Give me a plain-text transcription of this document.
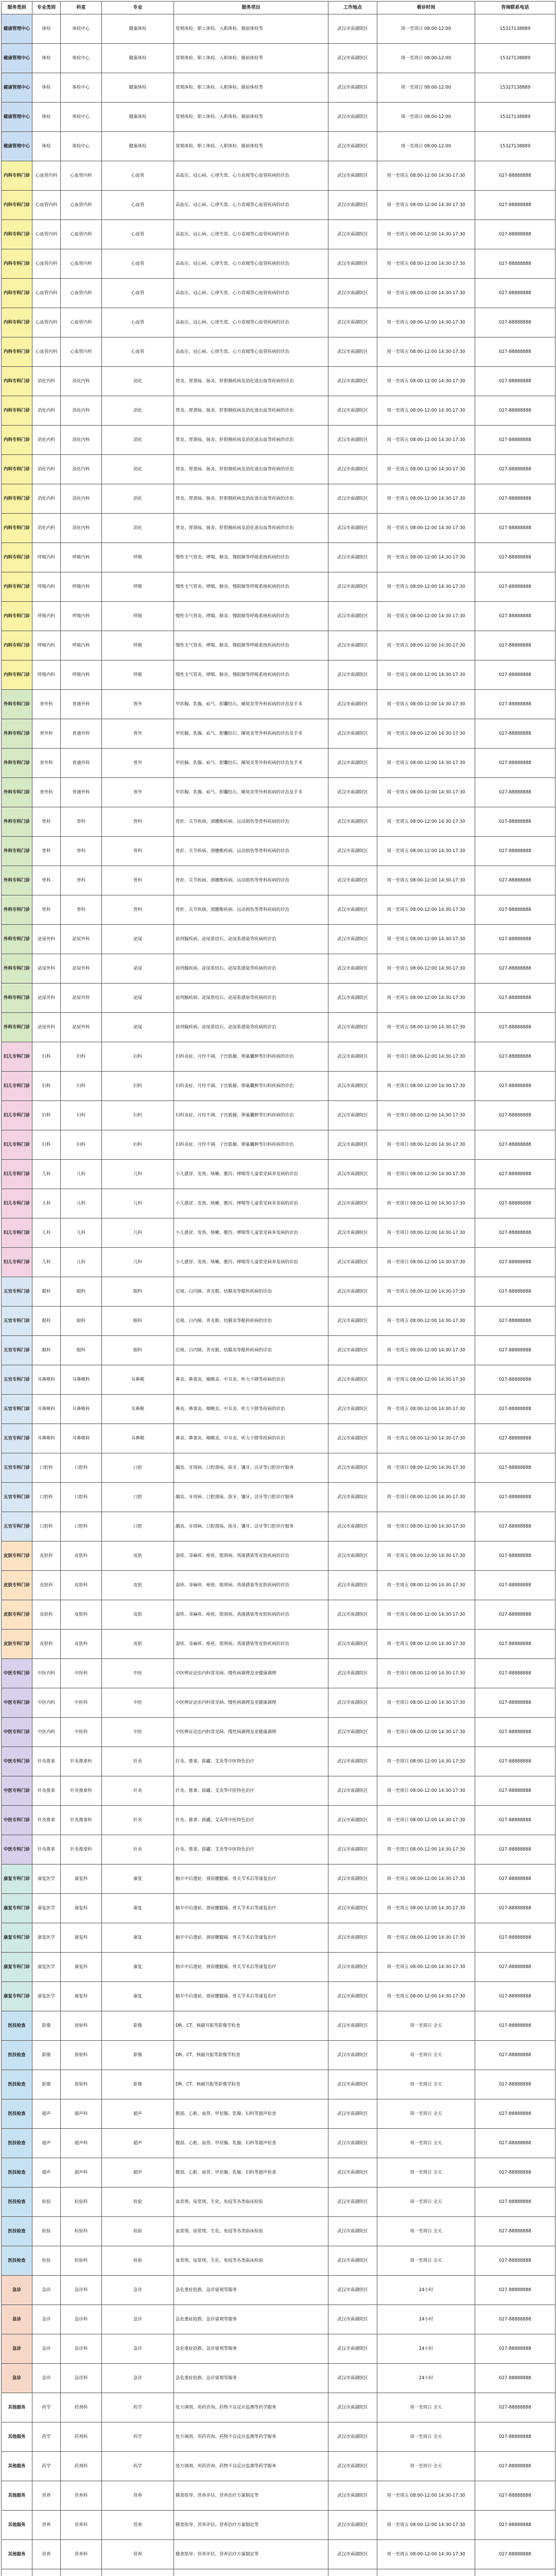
服务类别	专业类别	科室	专业	服务项目	工作地点	看诊时间	咨询联系电话
健康管理中心	体检	体检中心	健康体检	常规体检、职工体检、入职体检、婚前体检等	武汉市南湖院区	周一至周日 08:00-12:00	15327138889
健康管理中心	体检	体检中心	健康体检	常规体检、职工体检、入职体检、婚前体检等	武汉市南湖院区	周一至周日 08:00-12:00	15327138889
健康管理中心	体检	体检中心	健康体检	常规体检、职工体检、入职体检、婚前体检等	武汉市南湖院区	周一至周日 08:00-12:00	15327138889
健康管理中心	体检	体检中心	健康体检	常规体检、职工体检、入职体检、婚前体检等	武汉市南湖院区	周一至周日 08:00-12:00	15327138889
健康管理中心	体检	体检中心	健康体检	常规体检、职工体检、入职体检、婚前体检等	武汉市南湖院区	周一至周日 08:00-12:00	15327138889
内科专科门诊	心血管内科	心血管内科	心血管	高血压、冠心病、心律失常、心力衰竭等心血管疾病的诊治	武汉市南湖院区	周一至周五 08:00-12:00 14:30-17:30	027-88888888
内科专科门诊	心血管内科	心血管内科	心血管	高血压、冠心病、心律失常、心力衰竭等心血管疾病的诊治	武汉市南湖院区	周一至周五 08:00-12:00 14:30-17:30	027-88888888
内科专科门诊	心血管内科	心血管内科	心血管	高血压、冠心病、心律失常、心力衰竭等心血管疾病的诊治	武汉市南湖院区	周一至周五 08:00-12:00 14:30-17:30	027-88888888
内科专科门诊	心血管内科	心血管内科	心血管	高血压、冠心病、心律失常、心力衰竭等心血管疾病的诊治	武汉市南湖院区	周一至周五 08:00-12:00 14:30-17:30	027-88888888
内科专科门诊	心血管内科	心血管内科	心血管	高血压、冠心病、心律失常、心力衰竭等心血管疾病的诊治	武汉市南湖院区	周一至周五 08:00-12:00 14:30-17:30	027-88888888
内科专科门诊	心血管内科	心血管内科	心血管	高血压、冠心病、心律失常、心力衰竭等心血管疾病的诊治	武汉市南湖院区	周一至周五 08:00-12:00 14:30-17:30	027-88888888
内科专科门诊	心血管内科	心血管内科	心血管	高血压、冠心病、心律失常、心力衰竭等心血管疾病的诊治	武汉市南湖院区	周一至周五 08:00-12:00 14:30-17:30	027-88888888
内科专科门诊	消化内科	消化内科	消化	胃炎、胃溃疡、肠炎、肝胆胰疾病及消化道出血等疾病的诊治	武汉市南湖院区	周一至周五 08:00-12:00 14:30-17:30	027-88888888
内科专科门诊	消化内科	消化内科	消化	胃炎、胃溃疡、肠炎、肝胆胰疾病及消化道出血等疾病的诊治	武汉市南湖院区	周一至周五 08:00-12:00 14:30-17:30	027-88888888
内科专科门诊	消化内科	消化内科	消化	胃炎、胃溃疡、肠炎、肝胆胰疾病及消化道出血等疾病的诊治	武汉市南湖院区	周一至周五 08:00-12:00 14:30-17:30	027-88888888
内科专科门诊	消化内科	消化内科	消化	胃炎、胃溃疡、肠炎、肝胆胰疾病及消化道出血等疾病的诊治	武汉市南湖院区	周一至周五 08:00-12:00 14:30-17:30	027-88888888
内科专科门诊	消化内科	消化内科	消化	胃炎、胃溃疡、肠炎、肝胆胰疾病及消化道出血等疾病的诊治	武汉市南湖院区	周一至周五 08:00-12:00 14:30-17:30	027-88888888
内科专科门诊	消化内科	消化内科	消化	胃炎、胃溃疡、肠炎、肝胆胰疾病及消化道出血等疾病的诊治	武汉市南湖院区	周一至周五 08:00-12:00 14:30-17:30	027-88888888
内科专科门诊	呼吸内科	呼吸内科	呼吸	慢性支气管炎、哮喘、肺炎、慢阻肺等呼吸系统疾病的诊治	武汉市南湖院区	周一至周五 08:00-12:00 14:30-17:30	027-88888888
内科专科门诊	呼吸内科	呼吸内科	呼吸	慢性支气管炎、哮喘、肺炎、慢阻肺等呼吸系统疾病的诊治	武汉市南湖院区	周一至周五 08:00-12:00 14:30-17:30	027-88888888
内科专科门诊	呼吸内科	呼吸内科	呼吸	慢性支气管炎、哮喘、肺炎、慢阻肺等呼吸系统疾病的诊治	武汉市南湖院区	周一至周五 08:00-12:00 14:30-17:30	027-88888888
内科专科门诊	呼吸内科	呼吸内科	呼吸	慢性支气管炎、哮喘、肺炎、慢阻肺等呼吸系统疾病的诊治	武汉市南湖院区	周一至周五 08:00-12:00 14:30-17:30	027-88888888
内科专科门诊	呼吸内科	呼吸内科	呼吸	慢性支气管炎、哮喘、肺炎、慢阻肺等呼吸系统疾病的诊治	武汉市南湖院区	周一至周五 08:00-12:00 14:30-17:30	027-88888888
外科专科门诊	普外科	普通外科	普外	甲状腺、乳腺、疝气、胆囊结石、阑尾炎等外科疾病的诊治及手术	武汉市南湖院区	周一至周五 08:00-12:00 14:30-17:30	027-88888888
外科专科门诊	普外科	普通外科	普外	甲状腺、乳腺、疝气、胆囊结石、阑尾炎等外科疾病的诊治及手术	武汉市南湖院区	周一至周五 08:00-12:00 14:30-17:30	027-88888888
外科专科门诊	普外科	普通外科	普外	甲状腺、乳腺、疝气、胆囊结石、阑尾炎等外科疾病的诊治及手术	武汉市南湖院区	周一至周五 08:00-12:00 14:30-17:30	027-88888888
外科专科门诊	普外科	普通外科	普外	甲状腺、乳腺、疝气、胆囊结石、阑尾炎等外科疾病的诊治及手术	武汉市南湖院区	周一至周五 08:00-12:00 14:30-17:30	027-88888888
外科专科门诊	骨科	骨科	骨科	骨折、关节疾病、颈腰椎疾病、运动损伤等骨科疾病的诊治	武汉市南湖院区	周一至周五 08:00-12:00 14:30-17:30	027-88888888
外科专科门诊	骨科	骨科	骨科	骨折、关节疾病、颈腰椎疾病、运动损伤等骨科疾病的诊治	武汉市南湖院区	周一至周五 08:00-12:00 14:30-17:30	027-88888888
外科专科门诊	骨科	骨科	骨科	骨折、关节疾病、颈腰椎疾病、运动损伤等骨科疾病的诊治	武汉市南湖院区	周一至周五 08:00-12:00 14:30-17:30	027-88888888
外科专科门诊	骨科	骨科	骨科	骨折、关节疾病、颈腰椎疾病、运动损伤等骨科疾病的诊治	武汉市南湖院区	周一至周五 08:00-12:00 14:30-17:30	027-88888888
外科专科门诊	泌尿外科	泌尿外科	泌尿	前列腺疾病、泌尿系结石、泌尿系感染等疾病的诊治	武汉市南湖院区	周一至周五 08:00-12:00 14:30-17:30	027-88888888
外科专科门诊	泌尿外科	泌尿外科	泌尿	前列腺疾病、泌尿系结石、泌尿系感染等疾病的诊治	武汉市南湖院区	周一至周五 08:00-12:00 14:30-17:30	027-88888888
外科专科门诊	泌尿外科	泌尿外科	泌尿	前列腺疾病、泌尿系结石、泌尿系感染等疾病的诊治	武汉市南湖院区	周一至周五 08:00-12:00 14:30-17:30	027-88888888
外科专科门诊	泌尿外科	泌尿外科	泌尿	前列腺疾病、泌尿系结石、泌尿系感染等疾病的诊治	武汉市南湖院区	周一至周五 08:00-12:00 14:30-17:30	027-88888888
妇儿专科门诊	妇科	妇科	妇科	妇科炎症、月经不调、子宫肌瘤、卵巢囊肿等妇科疾病的诊治	武汉市南湖院区	周一至周日 08:00-12:00 14:30-17:30	027-88888888
妇儿专科门诊	妇科	妇科	妇科	妇科炎症、月经不调、子宫肌瘤、卵巢囊肿等妇科疾病的诊治	武汉市南湖院区	周一至周日 08:00-12:00 14:30-17:30	027-88888888
妇儿专科门诊	妇科	妇科	妇科	妇科炎症、月经不调、子宫肌瘤、卵巢囊肿等妇科疾病的诊治	武汉市南湖院区	周一至周日 08:00-12:00 14:30-17:30	027-88888888
妇儿专科门诊	妇科	妇科	妇科	妇科炎症、月经不调、子宫肌瘤、卵巢囊肿等妇科疾病的诊治	武汉市南湖院区	周一至周日 08:00-12:00 14:30-17:30	027-88888888
妇儿专科门诊	儿科	儿科	儿科	小儿感冒、发热、咳嗽、腹泻、哮喘等儿童常见病多发病的诊治	武汉市南湖院区	周一至周日 08:00-12:00 14:30-17:30	027-88888888
妇儿专科门诊	儿科	儿科	儿科	小儿感冒、发热、咳嗽、腹泻、哮喘等儿童常见病多发病的诊治	武汉市南湖院区	周一至周日 08:00-12:00 14:30-17:30	027-88888888
妇儿专科门诊	儿科	儿科	儿科	小儿感冒、发热、咳嗽、腹泻、哮喘等儿童常见病多发病的诊治	武汉市南湖院区	周一至周日 08:00-12:00 14:30-17:30	027-88888888
妇儿专科门诊	儿科	儿科	儿科	小儿感冒、发热、咳嗽、腹泻、哮喘等儿童常见病多发病的诊治	武汉市南湖院区	周一至周日 08:00-12:00 14:30-17:30	027-88888888
五官专科门诊	眼科	眼科	眼科	近视、白内障、青光眼、结膜炎等眼科疾病的诊治	武汉市南湖院区	周一至周五 08:00-12:00 14:30-17:30	027-88888888
五官专科门诊	眼科	眼科	眼科	近视、白内障、青光眼、结膜炎等眼科疾病的诊治	武汉市南湖院区	周一至周五 08:00-12:00 14:30-17:30	027-88888888
五官专科门诊	眼科	眼科	眼科	近视、白内障、青光眼、结膜炎等眼科疾病的诊治	武汉市南湖院区	周一至周五 08:00-12:00 14:30-17:30	027-88888888
五官专科门诊	耳鼻喉科	耳鼻喉科	耳鼻喉	鼻炎、鼻窦炎、咽喉炎、中耳炎、听力下降等疾病的诊治	武汉市南湖院区	周一至周五 08:00-12:00 14:30-17:30	027-88888888
五官专科门诊	耳鼻喉科	耳鼻喉科	耳鼻喉	鼻炎、鼻窦炎、咽喉炎、中耳炎、听力下降等疾病的诊治	武汉市南湖院区	周一至周五 08:00-12:00 14:30-17:30	027-88888888
五官专科门诊	耳鼻喉科	耳鼻喉科	耳鼻喉	鼻炎、鼻窦炎、咽喉炎、中耳炎、听力下降等疾病的诊治	武汉市南湖院区	周一至周五 08:00-12:00 14:30-17:30	027-88888888
五官专科门诊	口腔科	口腔科	口腔	龋齿、牙周病、口腔溃疡、拔牙、镶牙、洁牙等口腔诊疗服务	武汉市南湖院区	周一至周日 08:00-12:00 14:30-17:30	027-88888888
五官专科门诊	口腔科	口腔科	口腔	龋齿、牙周病、口腔溃疡、拔牙、镶牙、洁牙等口腔诊疗服务	武汉市南湖院区	周一至周日 08:00-12:00 14:30-17:30	027-88888888
五官专科门诊	口腔科	口腔科	口腔	龋齿、牙周病、口腔溃疡、拔牙、镶牙、洁牙等口腔诊疗服务	武汉市南湖院区	周一至周日 08:00-12:00 14:30-17:30	027-88888888
皮肤专科门诊	皮肤科	皮肤科	皮肤	湿疹、荨麻疹、痤疮、银屑病、真菌感染等皮肤疾病的诊治	武汉市南湖院区	周一至周五 08:00-12:00 14:30-17:30	027-88888888
皮肤专科门诊	皮肤科	皮肤科	皮肤	湿疹、荨麻疹、痤疮、银屑病、真菌感染等皮肤疾病的诊治	武汉市南湖院区	周一至周五 08:00-12:00 14:30-17:30	027-88888888
皮肤专科门诊	皮肤科	皮肤科	皮肤	湿疹、荨麻疹、痤疮、银屑病、真菌感染等皮肤疾病的诊治	武汉市南湖院区	周一至周五 08:00-12:00 14:30-17:30	027-88888888
皮肤专科门诊	皮肤科	皮肤科	皮肤	湿疹、荨麻疹、痤疮、银屑病、真菌感染等皮肤疾病的诊治	武汉市南湖院区	周一至周五 08:00-12:00 14:30-17:30	027-88888888
中医专科门诊	中医内科	中医科	中医	中医辨证论治内科常见病、慢性病调理及亚健康调理	武汉市南湖院区	周一至周日 08:00-12:00 14:30-17:30	027-88888888
中医专科门诊	中医内科	中医科	中医	中医辨证论治内科常见病、慢性病调理及亚健康调理	武汉市南湖院区	周一至周日 08:00-12:00 14:30-17:30	027-88888888
中医专科门诊	中医内科	中医科	中医	中医辨证论治内科常见病、慢性病调理及亚健康调理	武汉市南湖院区	周一至周日 08:00-12:00 14:30-17:30	027-88888888
中医专科门诊	针灸推拿	针灸推拿科	针灸	针灸、推拿、拔罐、艾灸等中医特色治疗	武汉市南湖院区	周一至周日 08:00-12:00 14:30-17:30	027-88888888
中医专科门诊	针灸推拿	针灸推拿科	针灸	针灸、推拿、拔罐、艾灸等中医特色治疗	武汉市南湖院区	周一至周日 08:00-12:00 14:30-17:30	027-88888888
中医专科门诊	针灸推拿	针灸推拿科	针灸	针灸、推拿、拔罐、艾灸等中医特色治疗	武汉市南湖院区	周一至周日 08:00-12:00 14:30-17:30	027-88888888
中医专科门诊	针灸推拿	针灸推拿科	针灸	针灸、推拿、拔罐、艾灸等中医特色治疗	武汉市南湖院区	周一至周日 08:00-12:00 14:30-17:30	027-88888888
康复专科门诊	康复医学	康复科	康复	脑卒中后遗症、颈肩腰腿痛、骨关节术后等康复治疗	武汉市南湖院区	周一至周五 08:00-12:00 14:30-17:30	027-88888888
康复专科门诊	康复医学	康复科	康复	脑卒中后遗症、颈肩腰腿痛、骨关节术后等康复治疗	武汉市南湖院区	周一至周五 08:00-12:00 14:30-17:30	027-88888888
康复专科门诊	康复医学	康复科	康复	脑卒中后遗症、颈肩腰腿痛、骨关节术后等康复治疗	武汉市南湖院区	周一至周五 08:00-12:00 14:30-17:30	027-88888888
康复专科门诊	康复医学	康复科	康复	脑卒中后遗症、颈肩腰腿痛、骨关节术后等康复治疗	武汉市南湖院区	周一至周五 08:00-12:00 14:30-17:30	027-88888888
康复专科门诊	康复医学	康复科	康复	脑卒中后遗症、颈肩腰腿痛、骨关节术后等康复治疗	武汉市南湖院区	周一至周五 08:00-12:00 14:30-17:30	027-88888888
医技检查	影像	放射科	影像	DR、CT、核磁共振等影像学检查	武汉市南湖院区	周一至周日 全天	027-88888888
医技检查	影像	放射科	影像	DR、CT、核磁共振等影像学检查	武汉市南湖院区	周一至周日 全天	027-88888888
医技检查	影像	放射科	影像	DR、CT、核磁共振等影像学检查	武汉市南湖院区	周一至周日 全天	027-88888888
医技检查	超声	超声科	超声	腹部、心脏、血管、甲状腺、乳腺、妇科等超声检查	武汉市南湖院区	周一至周日 全天	027-88888888
医技检查	超声	超声科	超声	腹部、心脏、血管、甲状腺、乳腺、妇科等超声检查	武汉市南湖院区	周一至周日 全天	027-88888888
医技检查	超声	超声科	超声	腹部、心脏、血管、甲状腺、乳腺、妇科等超声检查	武汉市南湖院区	周一至周日 全天	027-88888888
医技检查	检验	检验科	检验	血常规、尿常规、生化、免疫等各类临床检验	武汉市南湖院区	周一至周日 全天	027-88888888
医技检查	检验	检验科	检验	血常规、尿常规、生化、免疫等各类临床检验	武汉市南湖院区	周一至周日 全天	027-88888888
医技检查	检验	检验科	检验	血常规、尿常规、生化、免疫等各类临床检验	武汉市南湖院区	周一至周日 全天	027-88888888
急诊	急诊	急诊科	急诊	急危重症抢救、急诊留观等服务	武汉市南湖院区	24小时	027-88888888
急诊	急诊	急诊科	急诊	急危重症抢救、急诊留观等服务	武汉市南湖院区	24小时	027-88888888
急诊	急诊	急诊科	急诊	急危重症抢救、急诊留观等服务	武汉市南湖院区	24小时	027-88888888
急诊	急诊	急诊科	急诊	急危重症抢救、急诊留观等服务	武汉市南湖院区	24小时	027-88888888
其他服务	药学	药剂科	药学	处方调剂、用药咨询、药物不良反应监测等药学服务	武汉市南湖院区	周一至周日 全天	027-88888888
其他服务	药学	药剂科	药学	处方调剂、用药咨询、药物不良反应监测等药学服务	武汉市南湖院区	周一至周日 全天	027-88888888
其他服务	药学	药剂科	药学	处方调剂、用药咨询、药物不良反应监测等药学服务	武汉市南湖院区	周一至周日 全天	027-88888888
其他服务	营养	营养科	营养	膳食指导、营养评估、营养治疗方案制定等	武汉市南湖院区	周一至周五 08:00-12:00 14:30-17:30	027-88888888
其他服务	营养	营养科	营养	膳食指导、营养评估、营养治疗方案制定等	武汉市南湖院区	周一至周五 08:00-12:00 14:30-17:30	027-88888888
其他服务	营养	营养科	营养	膳食指导、营养评估、营养治疗方案制定等	武汉市南湖院区	周一至周五 08:00-12:00 14:30-17:30	027-88888888
